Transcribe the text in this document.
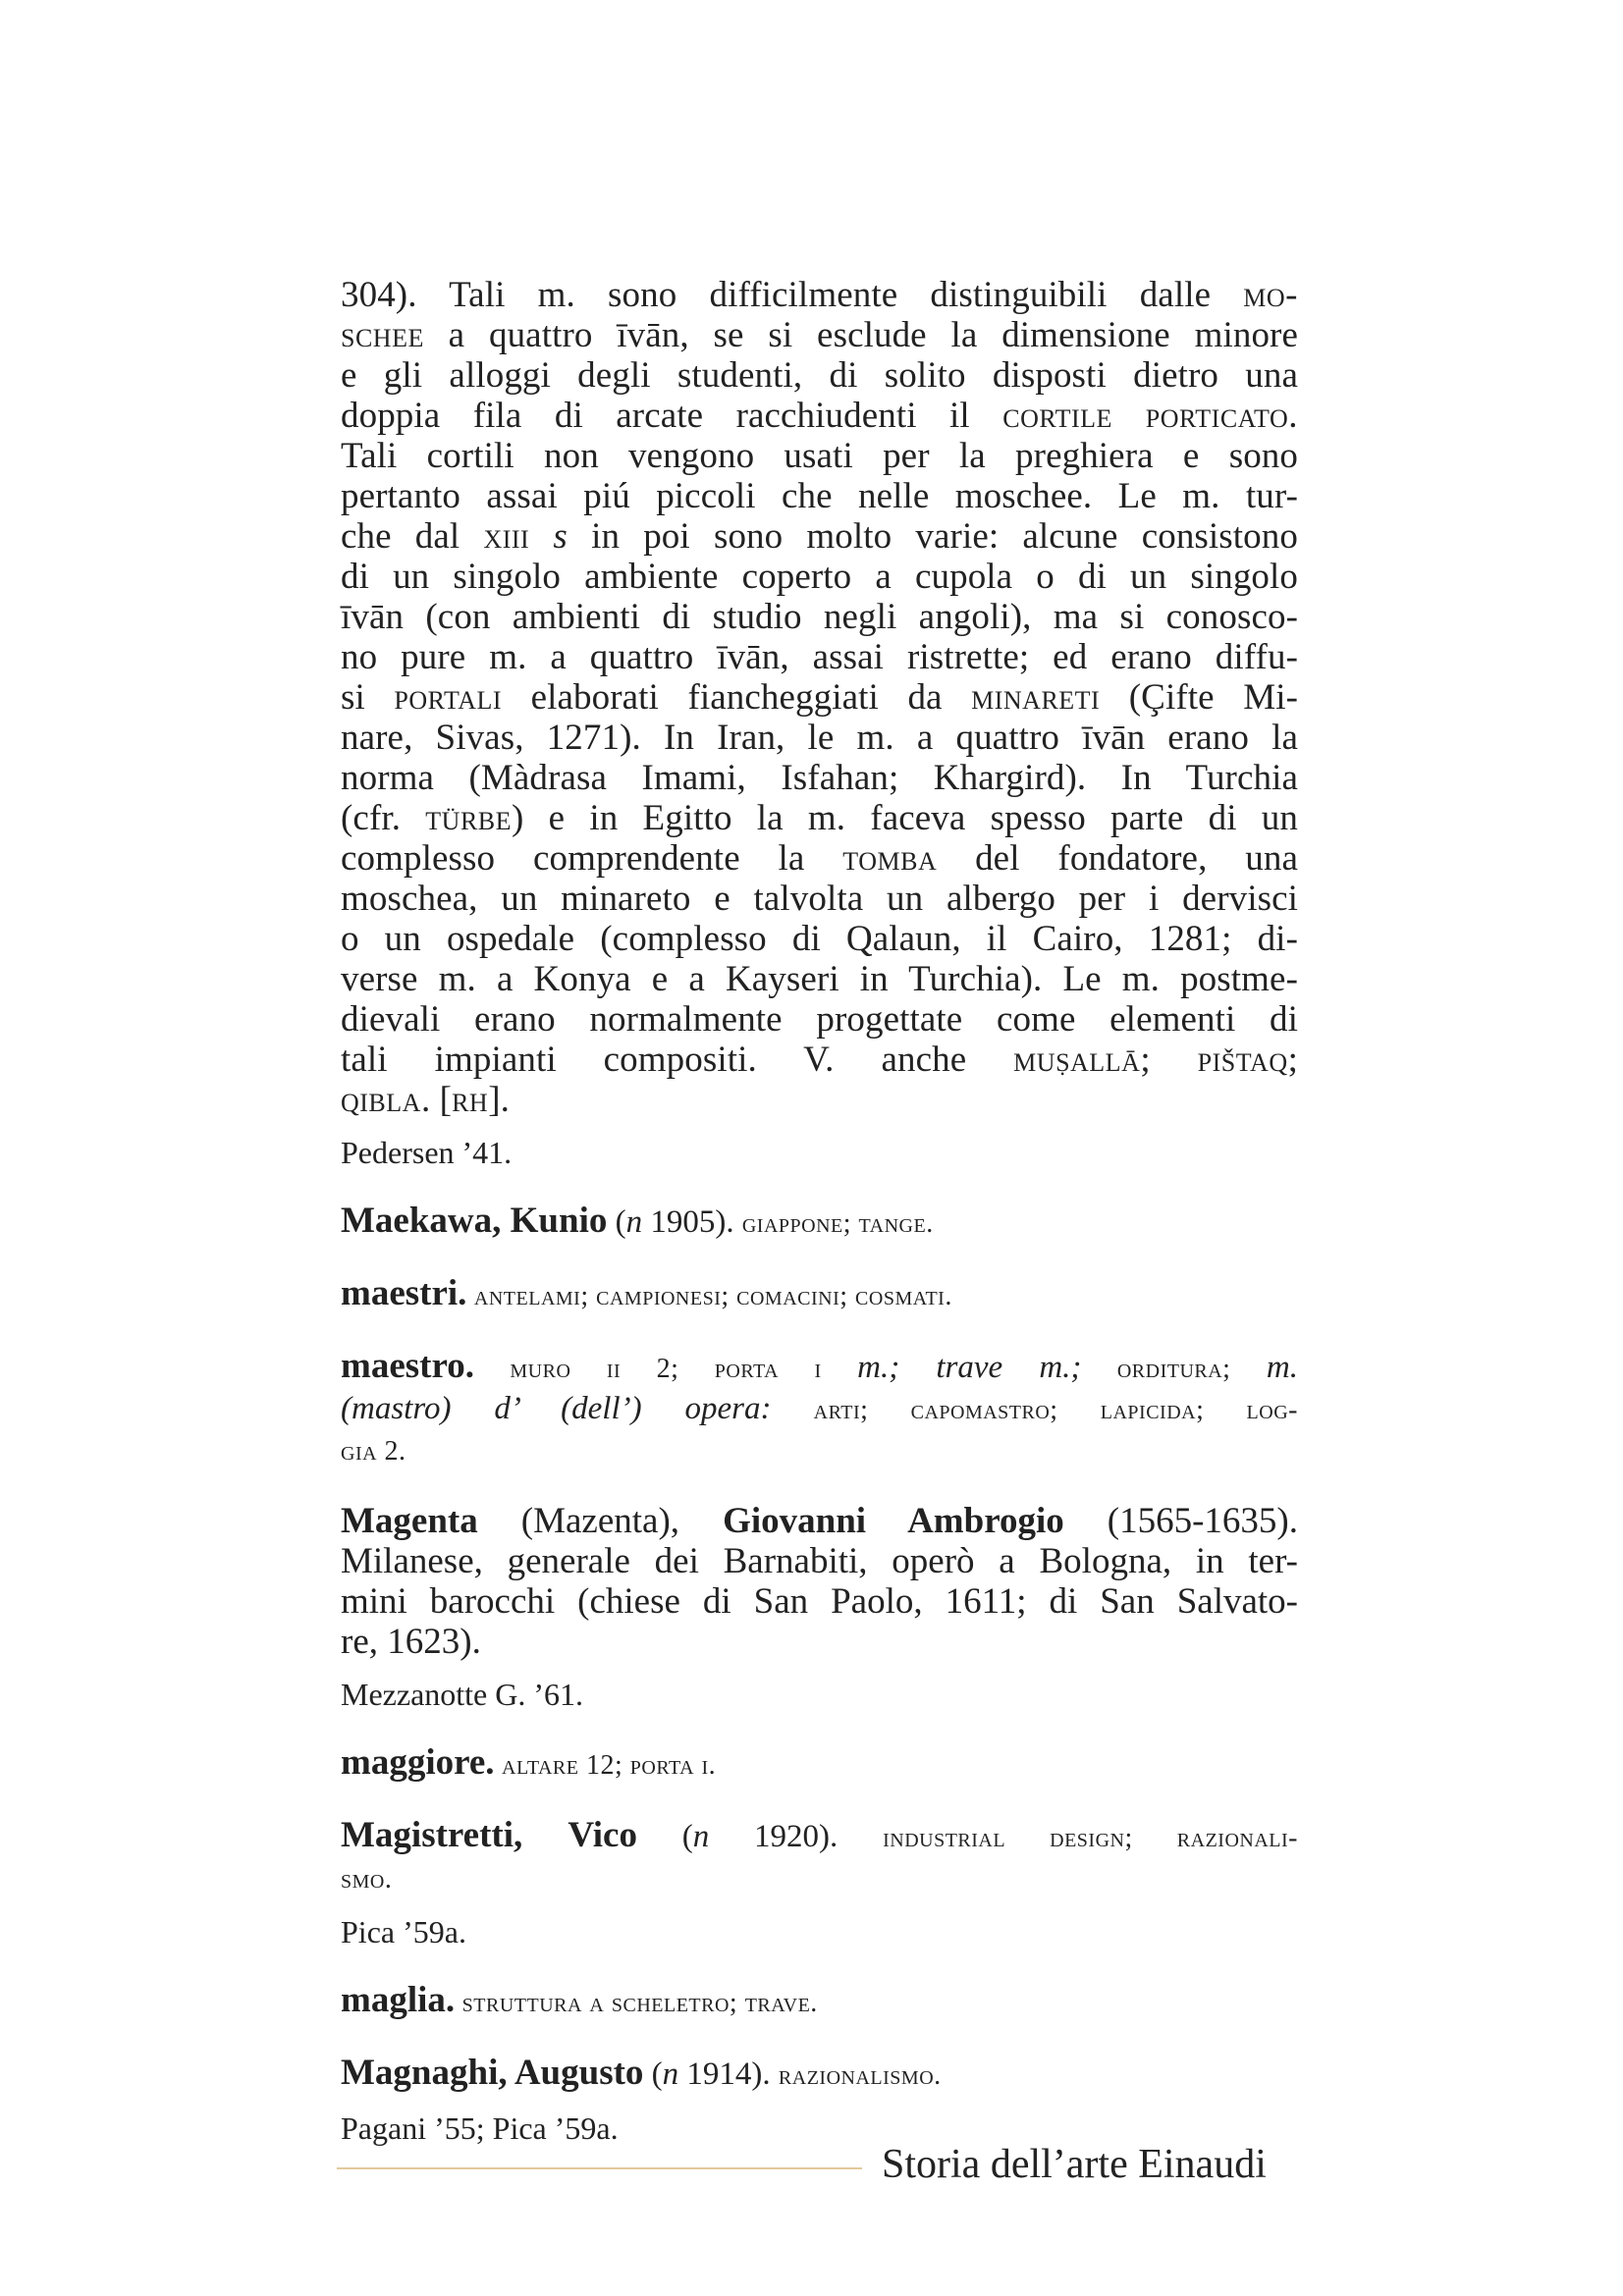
304). Tali m. sono difficilmente distinguibili dalle mo-
schee a quattro īvān, se si esclude la dimensione minore
e gli alloggi degli studenti, di solito disposti dietro una
doppia fila di arcate racchiudenti il cortile porticato.
Tali cortili non vengono usati per la preghiera e sono
pertanto assai piú piccoli che nelle moschee. Le m. tur-
che dal xiii s in poi sono molto varie: alcune consistono
di un singolo ambiente coperto a cupola o di un singolo
īvān (con ambienti di studio negli angoli), ma si conosco-
no pure m. a quattro īvān, assai ristrette; ed erano diffu-
si portali elaborati fiancheggiati da minareti (Çifte Mi-
nare, Sivas, 1271). In Iran, le m. a quattro īvān erano la
norma (Màdrasa Imami, Isfahan; Khargird). In Turchia
(cfr. türbe) e in Egitto la m. faceva spesso parte di un
complesso comprendente la tomba del fondatore, una
moschea, un minareto e talvolta un albergo per i dervisci
o un ospedale (complesso di Qalaun, il Cairo, 1281; di-
verse m. a Konya e a Kayseri in Turchia). Le m. postme-
dievali erano normalmente progettate come elementi di
tali impianti compositi. V. anche muṣallā; pištaq;
qibla. [rh].

Pedersen ’41.

Maekawa, Kunio (n 1905). giappone; tange.

maestri. antelami; campionesi; comacini; cosmati.

maestro. muro ii 2; porta i m.; trave m.; orditura; m.
(mastro) d’ (dell’) opera: arti; capomastro; lapicida; log-
gia 2.

Magenta (Mazenta), Giovanni Ambrogio (1565-1635).
Milanese, generale dei Barnabiti, operò a Bologna, in ter-
mini barocchi (chiese di San Paolo, 1611; di San Salvato-
re, 1623).

Mezzanotte G. ’61.

maggiore. altare 12; porta i.

Magistretti, Vico (n 1920). industrial design; razionali-
smo.

Pica ’59a.

maglia. struttura a scheletro; trave.

Magnaghi, Augusto (n 1914). razionalismo.

Pagani ’55; Pica ’59a.

Storia dell’arte Einaudi
